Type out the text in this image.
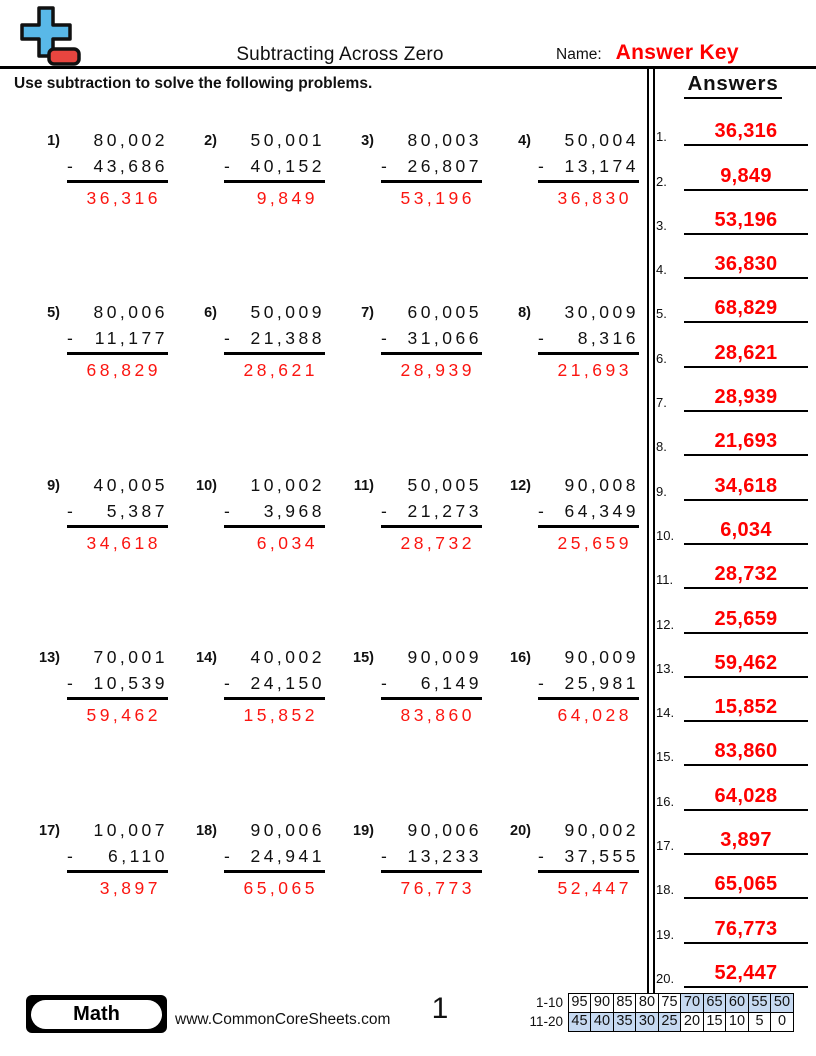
Subtracting Across Zero	Name: Answer Key
Use subtraction to solve the following problems.
1)	80,002
- 43,686
36,316
2)	50,001
- 40,152
9,849
3)	80,003
- 26,807
53,196
4)	50,004
- 13,174
36,830
5)	80,006
- 11,177
68,829
6)	50,009
- 21,388
28,621
7)	60,005
- 31,066
28,939
8)	30,009
- 8,316
21,693
9)	40,005
- 5,387
34,618
10)	10,002
- 3,968
6,034
11)	50,005
- 21,273
28,732
12)	90,008
- 64,349
25,659
13)	70,001
- 10,539
59,462
14)	40,002
- 24,150
15,852
15)	90,009
- 6,149
83,860
16)	90,009
- 25,981
64,028
17)	10,007
- 6,110
3,897
18)	90,006
- 24,941
65,065
19)	90,006
- 13,233
76,773
20)	90,002
- 37,555
52,447
Answers
1.	36,316
2.	9,849
3.	53,196
4.	36,830
5.	68,829
6.	28,621
7.	28,939
8.	21,693
9.	34,618
10.	6,034
11.	28,732
12.	25,659
13.	59,462
14.	15,852
15.	83,860
16.	64,028
17.	3,897
18.	65,065
19.	76,773
20.	52,447
Math	www.CommonCoreSheets.com	1	1-10 95 90 85 80 75 70 65 60 55 50
11-20 45 40 35 30 25 20 15 10 5 0
